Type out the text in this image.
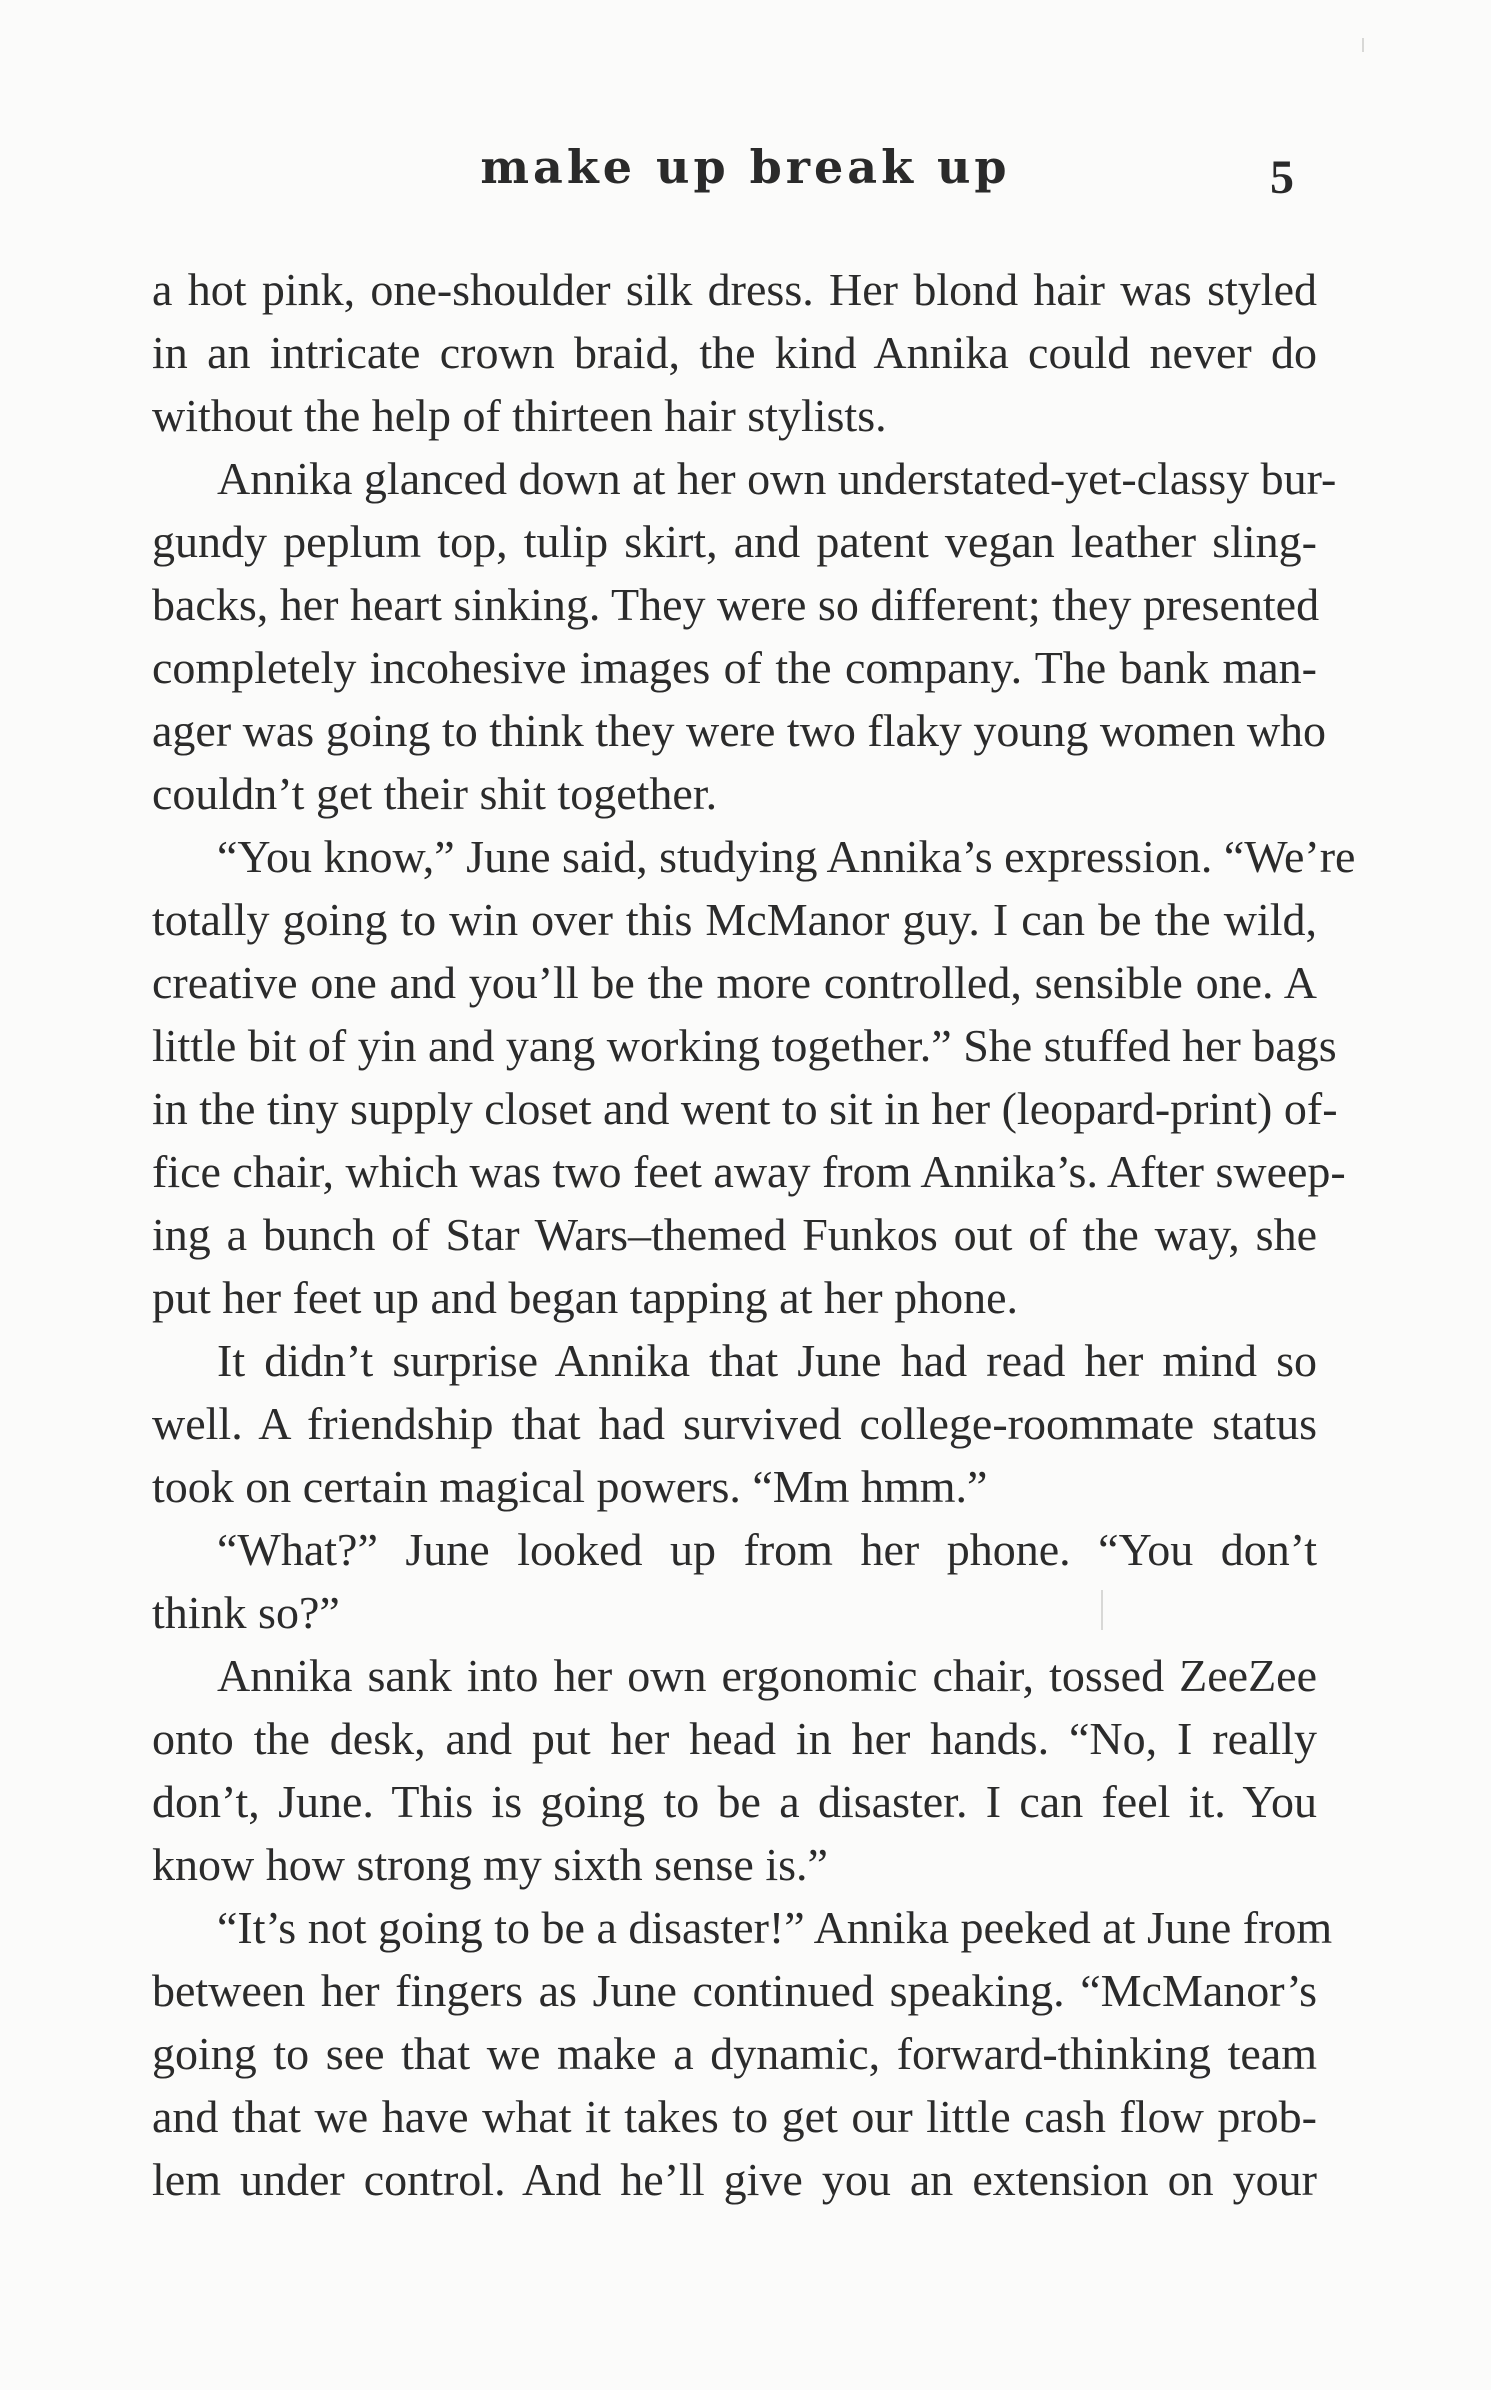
make up break up	5
a hot pink, one-shoulder silk dress. Her blond hair was styled
in an intricate crown braid, the kind Annika could never do
without the help of thirteen hair stylists.
Annika glanced down at her own understated-yet-classy bur-
gundy peplum top, tulip skirt, and patent vegan leather sling-
backs, her heart sinking. They were so different; they presented
completely incohesive images of the company. The bank man-
ager was going to think they were two flaky young women who
couldn’t get their shit together.
“You know,” June said, studying Annika’s expression. “We’re
totally going to win over this McManor guy. I can be the wild,
creative one and you’ll be the more controlled, sensible one. A
little bit of yin and yang working together.” She stuffed her bags
in the tiny supply closet and went to sit in her (leopard-print) of-
fice chair, which was two feet away from Annika’s. After sweep-
ing a bunch of Star Wars–themed Funkos out of the way, she
put her feet up and began tapping at her phone.
It didn’t surprise Annika that June had read her mind so
well. A friendship that had survived college-roommate status
took on certain magical powers. “Mm hmm.”
“What?” June looked up from her phone. “You don’t
think so?”
Annika sank into her own ergonomic chair, tossed ZeeZee
onto the desk, and put her head in her hands. “No, I really
don’t, June. This is going to be a disaster. I can feel it. You
know how strong my sixth sense is.”
“It’s not going to be a disaster!” Annika peeked at June from
between her fingers as June continued speaking. “McManor’s
going to see that we make a dynamic, forward-thinking team
and that we have what it takes to get our little cash flow prob-
lem under control. And he’ll give you an extension on your
